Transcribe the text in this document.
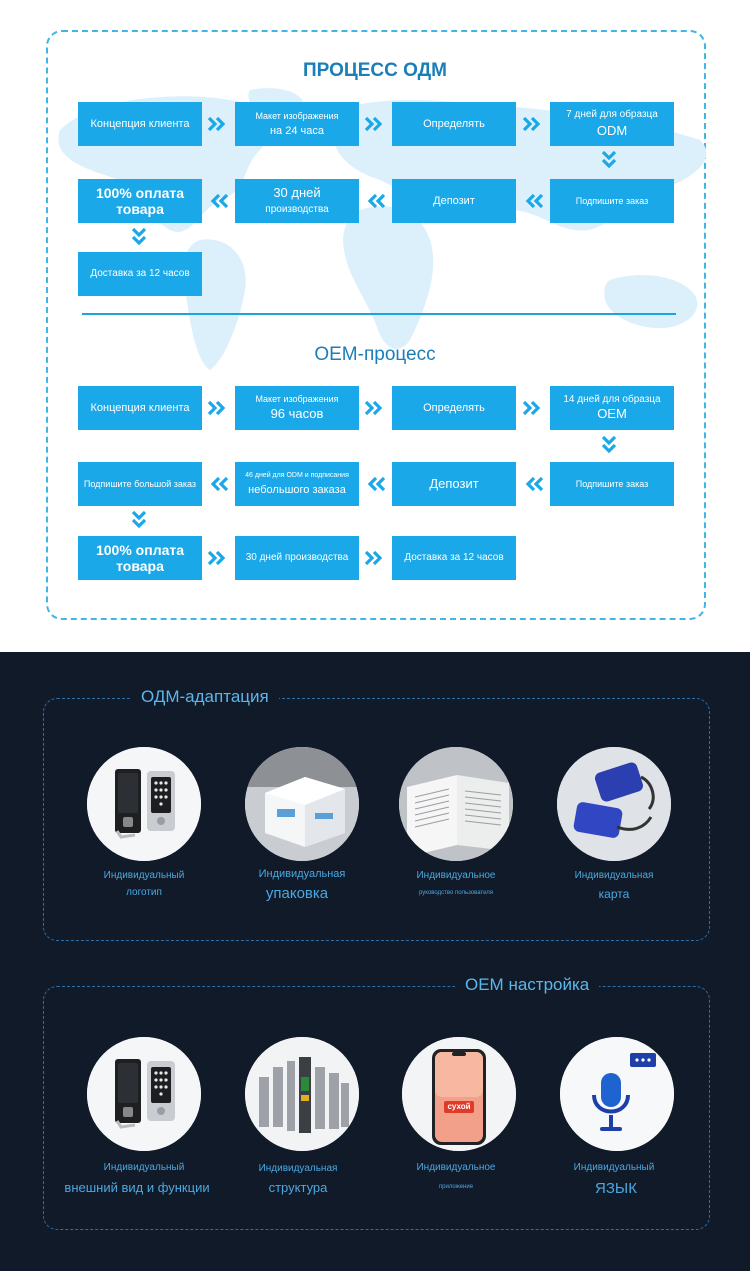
ПРОЦЕСС ОДМ
Концепция клиента
Макет изображения
на 24 часа
Определять
7 дней для образца
ODM
100% оплата
товара
30 дней
производства
Депозит	Подпишите заказ
Доставка за 12 часов
ОЕМ-процесс
Концепция клиента
Макет изображения
96 часов	Определять
14 дней для образца
OEM
Подпишите большой заказ
46 дней для ODM и подписания
небольшого заказа	Депозит	Подпишите заказ
100% оплата
товара
30 дней производства	Доставка за 12 часов
ОДМ-адаптация
Индивидуальный
логотип
Индивидуальная
упаковка
Индивидуальное
руководство пользователя
Индивидуальная
карта
ОЕМ настройка
сухой
Индивидуальный
внешний вид и функции
Индивидуальная
структура
Индивидуальное
приложение
Индивидуальный
ЯЗЫК
